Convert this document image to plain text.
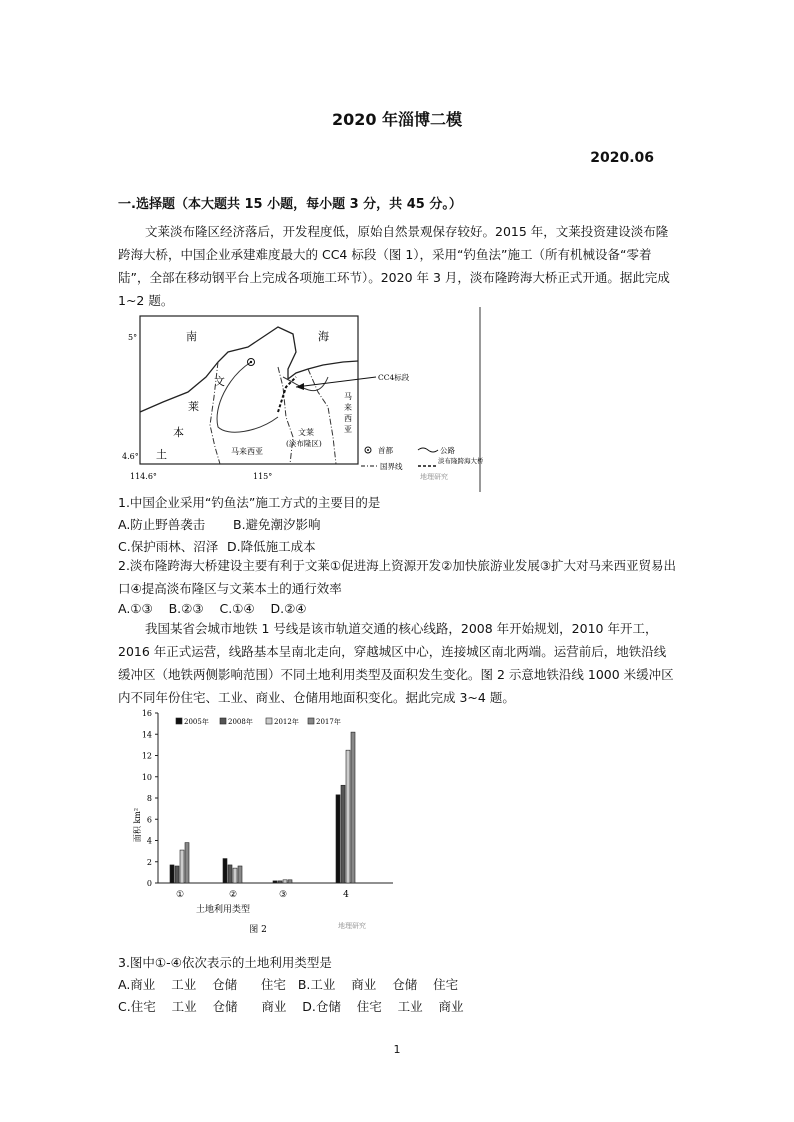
2020 年淄博二模
2020.06
一.选择题（本大题共 15 小题，每小题 3 分，共 45 分。）
文莱淡布隆区经济落后，开发程度低，原始自然景观保存较好。2015 年，文莱投资建设淡布隆跨海大桥，中国企业承建难度最大的 CC4 标段（图 1），采用“钓鱼法”施工（所有机械设备“零着陆”，全部在移动钢平台上完成各项施工环节）。2020 年 3 月，淡布隆跨海大桥正式开通。据此完成 1~2 题。
南	海
文
莱
本
土
CC4标段
马
来
西
亚
文莱
(淡布隆区)
马来西亚
5°
4.6°
114.6°	115°
首都	公路
国界线
淡布隆跨海大桥
地理研究
1.中国企业采用“钓鱼法”施工方式的主要目的是
A.防止野兽袭击 B.避免潮汐影响
C.保护雨林、沼泽 D.降低施工成本
2.淡布隆跨海大桥建设主要有利于文莱①促进海上资源开发②加快旅游业发展③扩大对马来西亚贸易出口④提高淡布隆区与文莱本土的通行效率
A.①③    B.②③    C.①④    D.②④
我国某省会城市地铁 1 号线是该市轨道交通的核心线路，2008 年开始规划，2010 年开工，2016 年正式运营，线路基本呈南北走向，穿越城区中心，连接城区南北两端。运营前后，地铁沿线缓冲区（地铁两侧影响范围）不同土地利用类型及面积发生变化。图 2 示意地铁沿线 1000 米缓冲区内不同年份住宅、工业、商业、仓储用地面积变化。据此完成 3~4 题。
0
2
4
6
8
10
12
14
16
①	②	③	4
2005年	2008年	2012年 2017年
面积 km²
土地利用类型
图 2	地理研究
3.图中①-④依次表示的土地利用类型是
A.商业    工业    仓储      住宅   B.工业    商业    仓储    住宅
C.住宅    工业    仓储      商业    D.仓储    住宅    工业    商业
1
